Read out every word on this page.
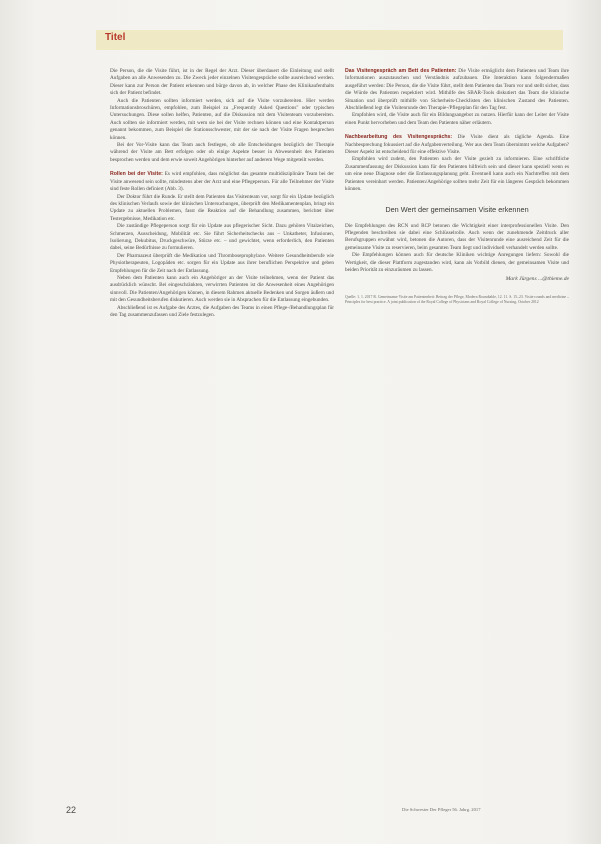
Titel

Die Person, die die Visite führt, ist in der Regel der Arzt. Dieser überdauert die Einleitung und stellt Aufgaben an alle Anwesenden zu. Die Zweck jeder einzelnen Visitengespräche sollte ausreichend werden. Dieser kann zur Person der Patient erkennen und bürge davon ab, in welcher Phase des Klinikaufenthalts sich der Patient befindet.

Auch die Patienten sollten informiert werden, sich auf die Visite vorzubereiten. Hier werden Informationsbroschüren, empfohlen, zum Beispiel zu „Frequently Asked Questions" oder typischen Untersuchungen. Diese sollen helfen, Patienten, auf die Diskussion mit dem Visitenteam vorzubereiten. Auch sollten sie informiert werden, mit wem sie bei der Visite rechnen können und eine Kontaktperson genannt bekommen, zum Beispiel die Stationsschwester, mit der sie nach der Visite Fragen besprechen können.

Bei der Vor-Visite kann das Team auch festlegen, ob alle Entscheidungen bezüglich der Therapie während der Visite am Bett erfolgen oder ob einige Aspekte besser in Abwesenheit des Patienten besprochen werden und dem erwie soweit Angehörigen hinterher auf anderem Wege mitgeteilt werden.

Rollen bei der Visite: Es wird empfohlen, dass möglichst das gesamte multidisziplinäre Team bei der Visite anwesend sein sollte, mindestens aber der Arzt und eine Pflegeperson. Für alle Teilnehmer der Visite sind feste Rollen definiert (Abb. 3).

Der Doktor führt die Runde. Er stellt dem Patienten das Visitenteam vor, sorgt für ein Update bezüglich des klinischen Verlaufs sowie der klinischen Untersuchungen, überprüft den Medikamentenplan, bringt ein Update zu aktuellen Problemen, fasst die Reaktion auf die Behandlung zusammen, berichtet über Testergebnisse, Medikation etc.

Die zuständige Pflegeperson sorgt für ein Update aus pflegerischer Sicht. Dazu gehören Vitalzeichen, Schmerzen, Ausscheidung, Mobilität etc. Sie führt Sicherheitschecks aus – Unkatheter, Infusionen, Isolierung, Dekubitus, Druckgeschwüre, Stürze etc. – und gewichtet, wenn erforderlich, den Patienten dabei, seine Bedürfnisse zu formulieren.

Der Pharmazeut überprüft die Medikation und Thromboseprophylaxe. Weitere Gesundheitsberufe wie Physiotherapeuten, Logopäden etc. sorgen für ein Update aus ihrer beruflichen Perspektive und geben Empfehlungen für die Zeit nach der Entlassung.

Neben dem Patienten kann auch ein Angehöriger an der Visite teilnehmen, wenn der Patient das ausdrücklich wünscht. Bei eingeschränkten, verwirrten Patienten ist die Anwesenheit eines Angehörigen sinnvoll. Die Patienten/Angehörigen können, in diesem Rahmen aktuelle Bedenken und Sorgen äußern und mit den Gesundheitsberufen diskutieren. Auch werden sie in Absprachen für die Entlassung eingebunden.

Abschließend ist es Aufgabe des Arztes, die Aufgaben des Teams in einen Pflege-/Behandlungsplan für den Tag zusammenzufassen und Ziele festzulegen.

Das Visitengespräch am Bett des Patienten: Die Visite ermöglicht dem Patienten und Team ihre Informationen auszutauschen und Verständnis aufzubauen. Die Interaktion kann folgendermaßen ausgeführt werden: Die Person, die die Visite führt, stellt dem Patienten das Team vor und stellt sicher, dass die Würde des Patienten respektiert wird. Mithilfe des SBAR-Tools diskutiert das Team die klinische Situation und überprüft mithilfe von Sicherheits-Checklisten den klinischen Zustand des Patienten. Abschließend legt die Visitenrunde den Therapie-/Pflegeplan für den Tag fest.

Empfohlen wird, die Visite auch für ein Bildungsangebot zu nutzen. Hierfür kann der Leiter der Visite einen Punkt hervorheben und dem Team den Patienten näher erläutern.

Nachbearbeitung des Visitengesprächs: Die Visite dient als tägliche Agenda. Eine Nachbesprechung fokussiert auf die Aufgabenverteilung. Wer aus dem Team übernimmt welche Aufgaben? Dieser Aspekt ist entscheidend für eine effektive Visite.

Empfohlen wird zudem, den Patienten nach der Visite gezielt zu informieren. Eine schriftliche Zusammenfassung der Diskussion kann für den Patienten hilfreich sein und dieser kann speziell wenn es um eine neue Diagnose oder die Entlassungsplanung geht. Eventuell kann auch ein Nachtreffen mit dem Patienten vereinbart werden. Patienten/Angehörige sollten mehr Zeit für ein längeres Gespräch bekommen können.

Den Wert der gemeinsamen Visite erkennen

Die Empfehlungen des RCN und RCP betonen die Wichtigkeit einer interprofessionellen Visite. Den Pflegenden beschreiben sie dabei eine Schlüsselrolle. Auch wenn der zunehmende Zeitdruck aller Berufsgruppen erwähnt wird, betonen die Autoren, dass der Visitenrunde eine ausreichend Zeit für die gemeinsame Visite zu reservieren, beim gesamten Team liegt und individuell verhandelt werden sollte.

Die Empfehlungen können auch für deutsche Kliniken wichtige Anregungen liefern: Sowohl die Wertigkeit, die dieser Plattform zugestanden wird, kann als Vorbild dienen, der gemeinsamen Visite und beiden Priorität zu einzuräumen zu lassen.

Mark Jürgens ...@thieme.de
Quelle: 1. 1. 2017 R. Gemeinsame Visite am Patientenbett: Beitrag der Pflege, Modern Roundtable, 12. 11. S. 15–23. Visite rounds and medicine – Principles for best practice. A joint publication of the Royal College of Physicians and Royal College of Nursing, October 2012
22	Die Schwester Der Pfleger 56. Jahrg. 2017
